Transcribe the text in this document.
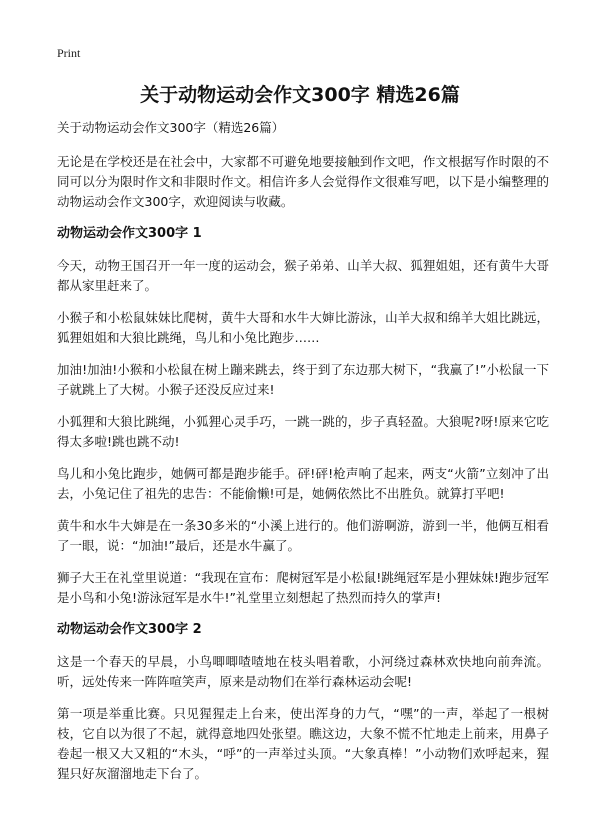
Print
关于动物运动会作文300字 精选26篇
关于动物运动会作文300字（精选26篇）

无论是在学校还是在社会中，大家都不可避免地要接触到作文吧，作文根据写作时限的不同可以分为限时作文和非限时作文。相信许多人会觉得作文很难写吧，以下是小编整理的动物运动会作文300字，欢迎阅读与收藏。

动物运动会作文300字 1

今天，动物王国召开一年一度的运动会，猴子弟弟、山羊大叔、狐狸姐姐，还有黄牛大哥都从家里赶来了。

小猴子和小松鼠妹妹比爬树，黄牛大哥和水牛大婶比游泳，山羊大叔和绵羊大姐比跳远，狐狸姐姐和大狼比跳绳，鸟儿和小兔比跑步……

加油!加油!小猴和小松鼠在树上蹦来跳去，终于到了东边那大树下，“我赢了!”小松鼠一下子就跳上了大树。小猴子还没反应过来!

小狐狸和大狼比跳绳，小狐狸心灵手巧，一跳一跳的，步子真轻盈。大狼呢?呀!原来它吃得太多啦!跳也跳不动!

鸟儿和小兔比跑步，她俩可都是跑步能手。砰!砰!枪声响了起来，两支“火箭”立刻冲了出去，小兔记住了祖先的忠告：不能偷懒!可是，她俩依然比不出胜负。就算打平吧!

黄牛和水牛大婶是在一条30多米的“小溪上进行的。他们游啊游，游到一半，他俩互相看了一眼，说：“加油!”最后，还是水牛赢了。

狮子大王在礼堂里说道：“我现在宣布：爬树冠军是小松鼠!跳绳冠军是小狸妹妹!跑步冠军是小鸟和小兔!游泳冠军是水牛!”礼堂里立刻想起了热烈而持久的掌声!

动物运动会作文300字 2

这是一个春天的早晨，小鸟唧唧喳喳地在枝头唱着歌，小河绕过森林欢快地向前奔流。听，远处传来一阵阵喧笑声，原来是动物们在举行森林运动会呢!

第一项是举重比赛。只见猩猩走上台来，使出浑身的力气，“嘿”的一声，举起了一根树枝，它自以为很了不起，就得意地四处张望。瞧这边，大象不慌不忙地走上前来，用鼻子卷起一根又大又粗的“木头，“呼”的一声举过头顶。“大象真棒！”小动物们欢呼起来，猩猩只好灰溜溜地走下台了。
